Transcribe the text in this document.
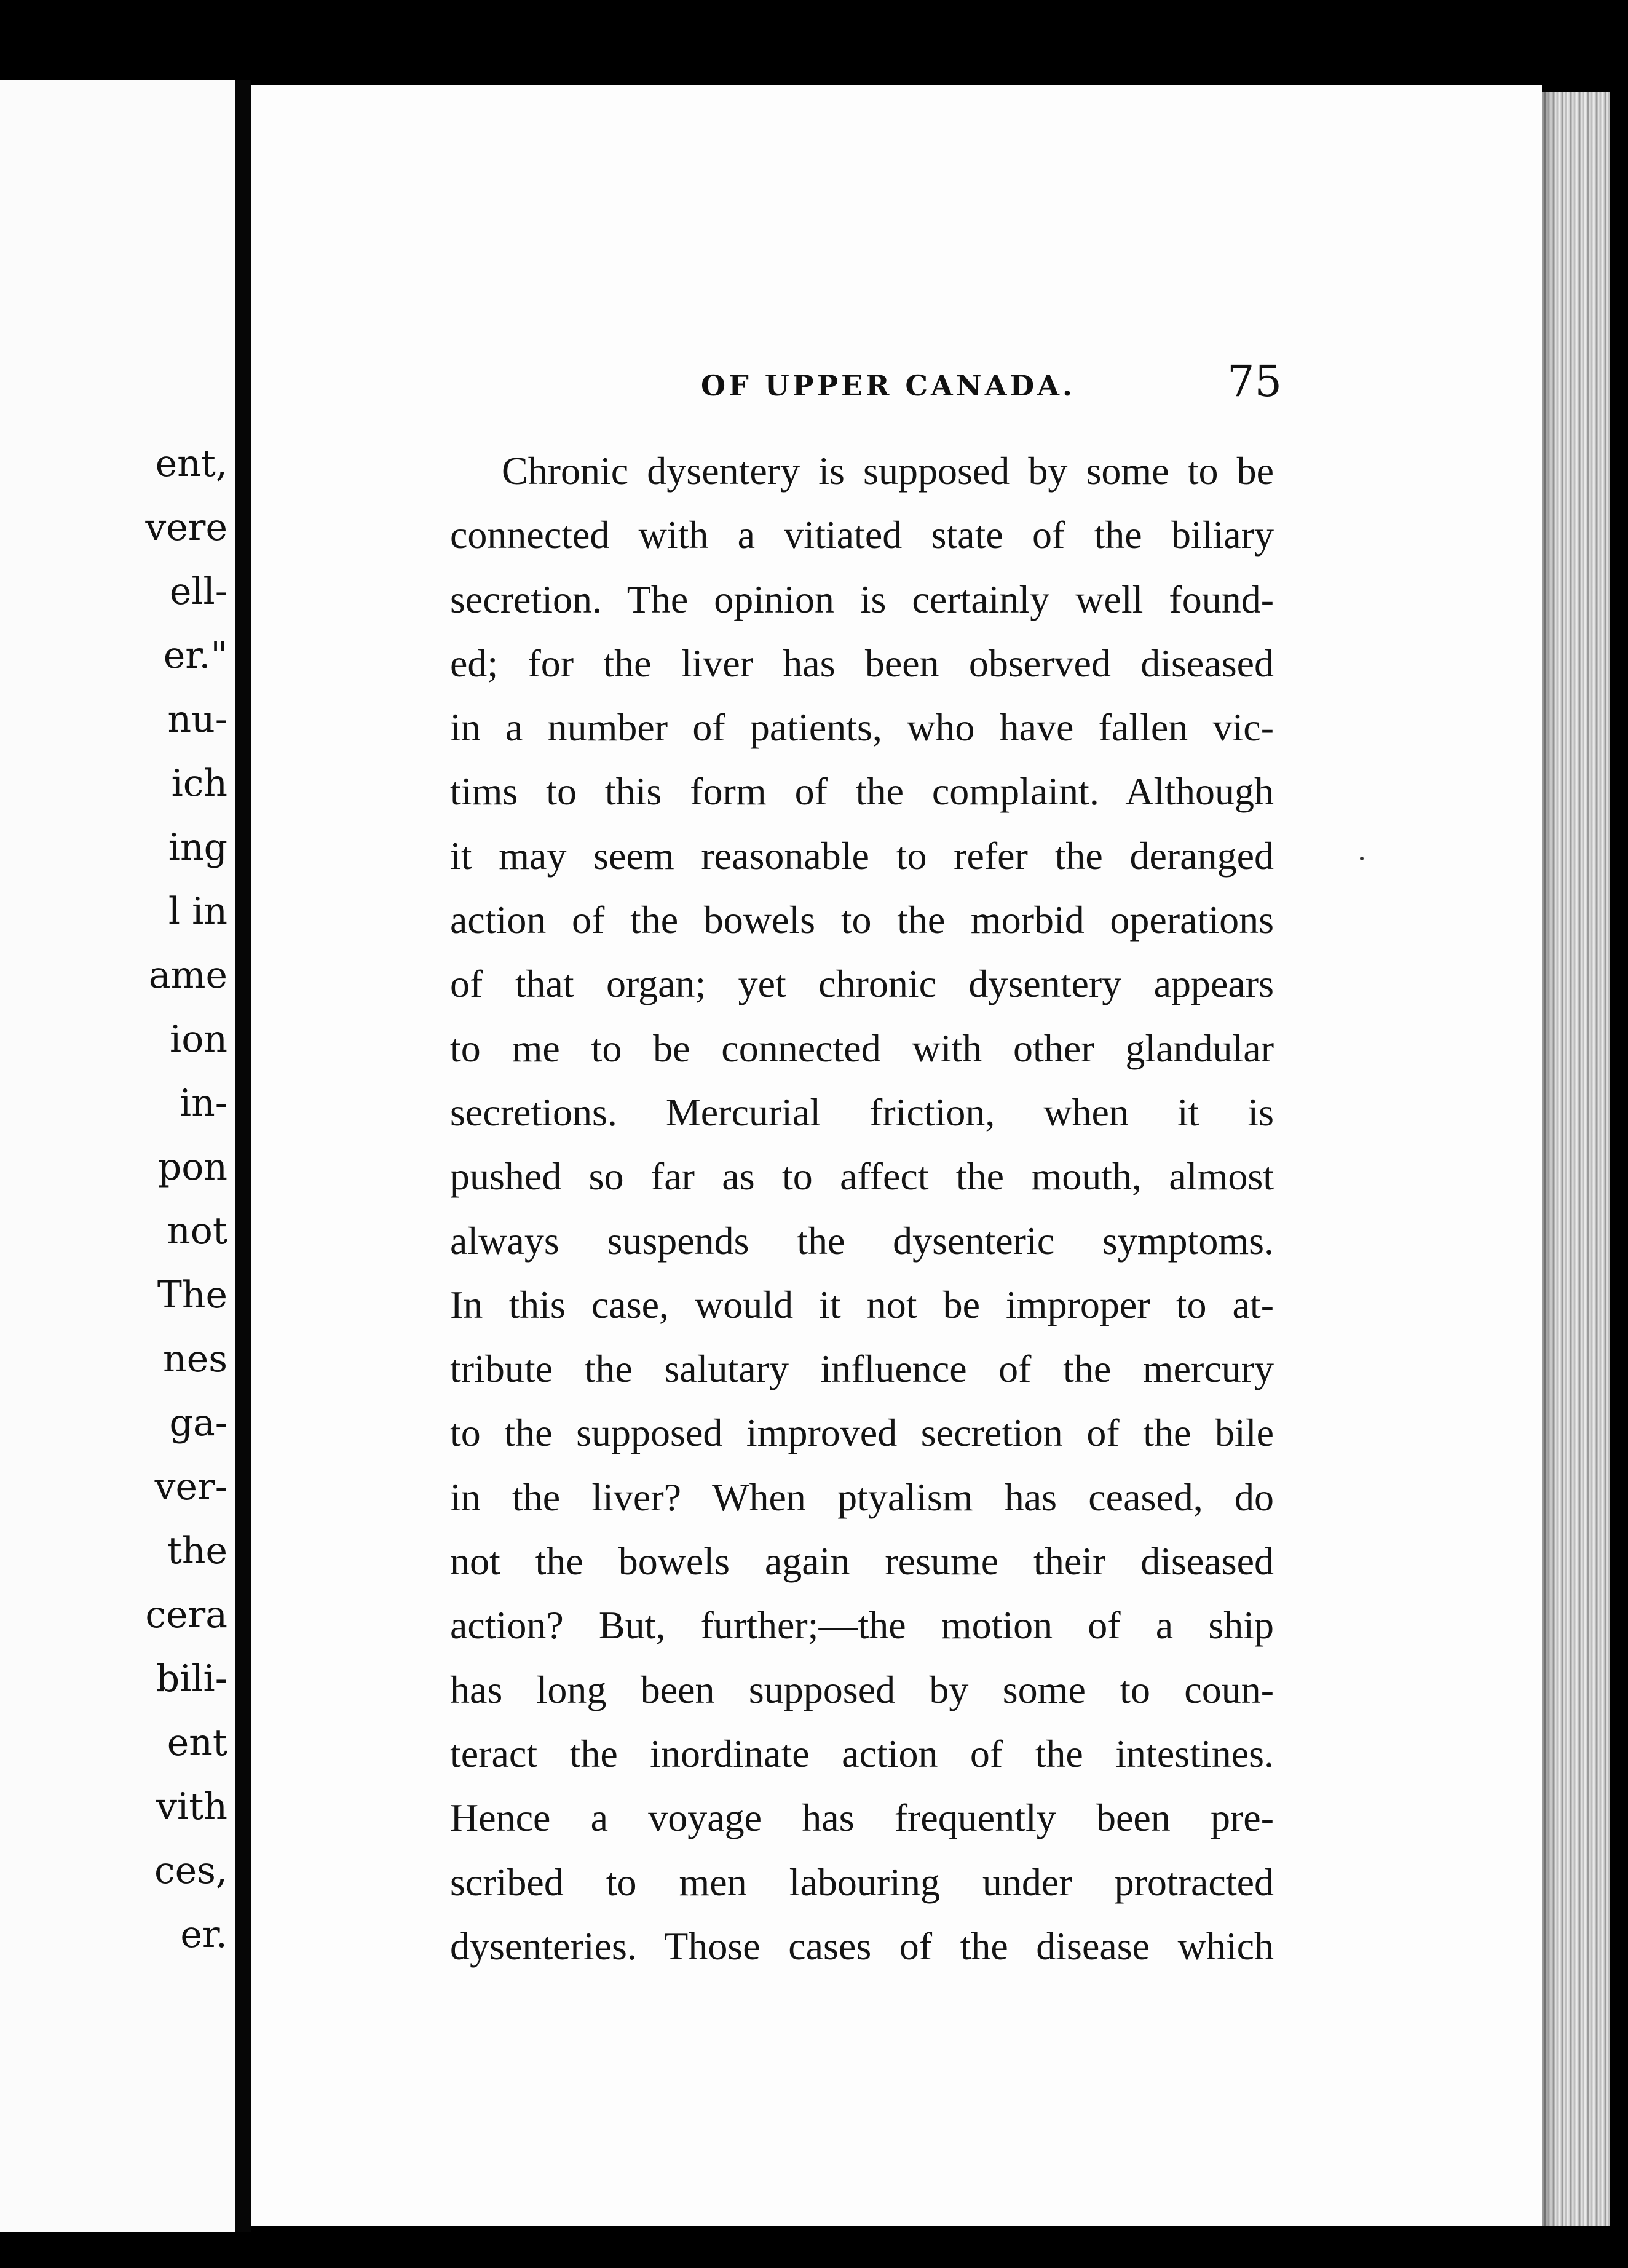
ent,
vere
ell-
er."
nu-
ich
ing
l in
ame
ion
in-
pon
not
The
nes
ga-
ver-
the
cera
bili-
ent
vith
ces,
er.
OF UPPER CANADA.	75
Chronic dysentery is supposed by some to be
connected with a vitiated state of the biliary
secretion. The opinion is certainly well found-
ed; for the liver has been observed diseased
in a number of patients, who have fallen vic-
tims to this form of the complaint. Although
it may seem reasonable to refer the deranged
action of the bowels to the morbid operations
of that organ; yet chronic dysentery appears
to me to be connected with other glandular
secretions. Mercurial friction, when it is
pushed so far as to affect the mouth, almost
always suspends the dysenteric symptoms.
In this case, would it not be improper to at-
tribute the salutary influence of the mercury
to the supposed improved secretion of the bile
in the liver? When ptyalism has ceased, do
not the bowels again resume their diseased
action? But, further;—the motion of a ship
has long been supposed by some to coun-
teract the inordinate action of the intestines.
Hence a voyage has frequently been pre-
scribed to men labouring under protracted
dysenteries. Those cases of the disease which
